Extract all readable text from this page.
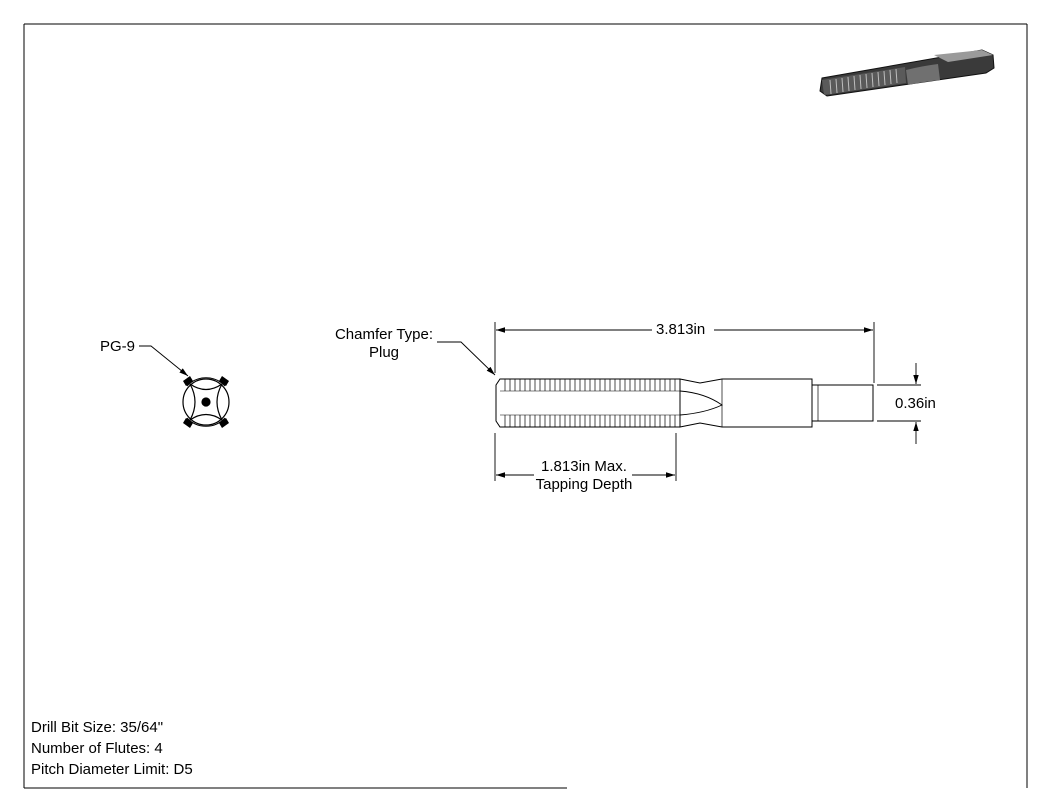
PG-9
Chamfer Type:
Plug
3.813in
0.36in
1.813in Max.
Tapping Depth
Drill Bit Size: 35/64"
Number of Flutes: 4
Pitch Diameter Limit: D5
